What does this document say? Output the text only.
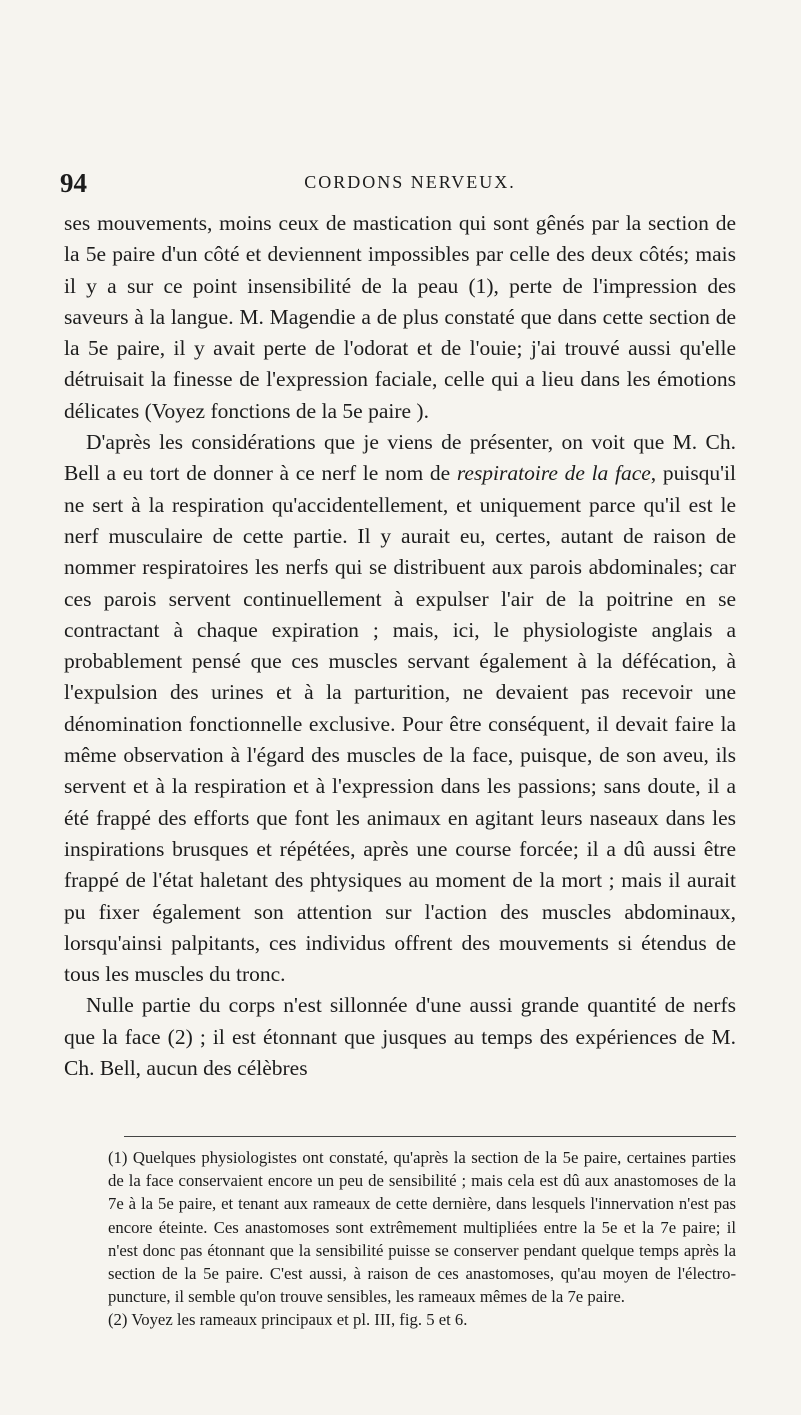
94	CORDONS NERVEUX.

ses mouvements, moins ceux de mastication qui sont gênés par la section de la 5e paire d'un côté et deviennent impossibles par celle des deux côtés; mais il y a sur ce point insensibilité de la peau (1), perte de l'impression des saveurs à la langue. M. Magendie a de plus constaté que dans cette section de la 5e paire, il y avait perte de l'odorat et de l'ouie; j'ai trouvé aussi qu'elle détruisait la finesse de l'expression faciale, celle qui a lieu dans les émotions délicates (Voyez fonctions de la 5e paire ).

D'après les considérations que je viens de présenter, on voit que M. Ch. Bell a eu tort de donner à ce nerf le nom de respiratoire de la face, puisqu'il ne sert à la respiration qu'accidentellement, et uniquement parce qu'il est le nerf musculaire de cette partie. Il y aurait eu, certes, autant de raison de nommer respiratoires les nerfs qui se distribuent aux parois abdominales; car ces parois servent continuellement à expulser l'air de la poitrine en se contractant à chaque expiration ; mais, ici, le physiologiste anglais a probablement pensé que ces muscles servant également à la défécation, à l'expulsion des urines et à la parturition, ne devaient pas recevoir une dénomination fonctionnelle exclusive. Pour être conséquent, il devait faire la même observation à l'égard des muscles de la face, puisque, de son aveu, ils servent et à la respiration et à l'expression dans les passions; sans doute, il a été frappé des efforts que font les animaux en agitant leurs naseaux dans les inspirations brusques et répétées, après une course forcée; il a dû aussi être frappé de l'état haletant des phtysiques au moment de la mort ; mais il aurait pu fixer également son attention sur l'action des muscles abdominaux, lorsqu'ainsi palpitants, ces individus offrent des mouvements si étendus de tous les muscles du tronc.

Nulle partie du corps n'est sillonnée d'une aussi grande quantité de nerfs que la face (2) ; il est étonnant que jusques au temps des expériences de M. Ch. Bell, aucun des célèbres

(1) Quelques physiologistes ont constaté, qu'après la section de la 5e paire, certaines parties de la face conservaient encore un peu de sensibilité ; mais cela est dû aux anastomoses de la 7e à la 5e paire, et tenant aux rameaux de cette dernière, dans lesquels l'innervation n'est pas encore éteinte. Ces anastomoses sont extrêmement multipliées entre la 5e et la 7e paire; il n'est donc pas étonnant que la sensibilité puisse se conserver pendant quelque temps après la section de la 5e paire. C'est aussi, à raison de ces anastomoses, qu'au moyen de l'électro-puncture, il semble qu'on trouve sensibles, les rameaux mêmes de la 7e paire.

(2) Voyez les rameaux principaux et pl. III, fig. 5 et 6.
